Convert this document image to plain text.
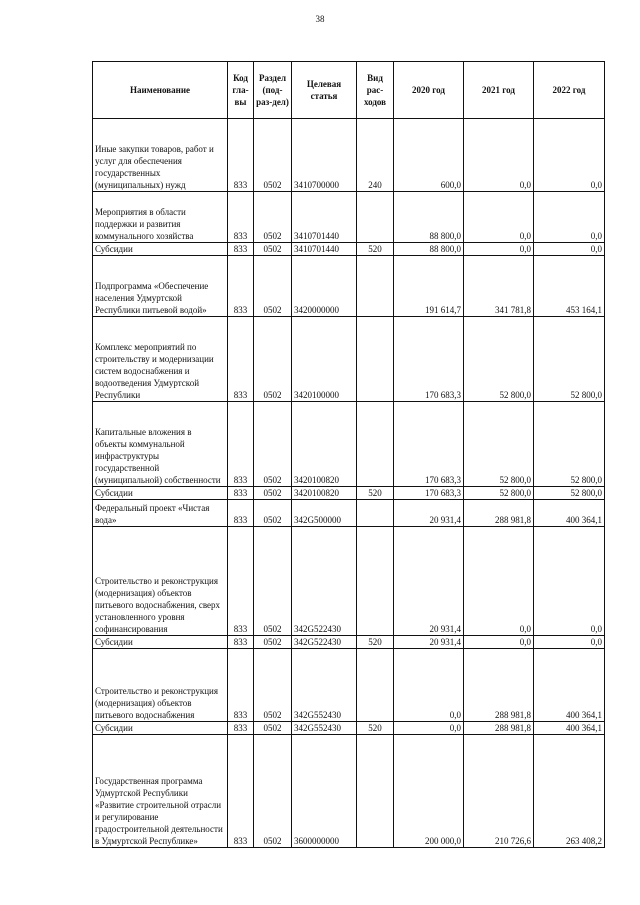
38
Наименование	Код гла-вы	Раздел (под-раз-дел)	Целевая статья	Вид рас-ходов	2020 год	2021 год	2022 год
Иные закупки товаров, работ и услуг для обеспечения государственных (муниципальных) нужд	833	0502	3410700000	240	600,0	0,0	0,0
Мероприятия в области поддержки и развития коммунального хозяйства	833	0502	3410701440		88 800,0	0,0	0,0
Субсидии	833	0502	3410701440	520	88 800,0	0,0	0,0
Подпрограмма «Обеспечение населения Удмуртской Республики питьевой водой»	833	0502	3420000000		191 614,7	341 781,8	453 164,1
Комплекс мероприятий по строительству и модернизации систем водоснабжения и водоотведения Удмуртской Республики	833	0502	3420100000		170 683,3	52 800,0	52 800,0
Капитальные вложения в объекты коммунальной инфраструктуры государственной (муниципальной) собственности	833	0502	3420100820		170 683,3	52 800,0	52 800,0
Субсидии	833	0502	3420100820	520	170 683,3	52 800,0	52 800,0
Федеральный проект «Чистая вода»	833	0502	342G500000		20 931,4	288 981,8	400 364,1
Строительство и реконструкция (модернизация) объектов питьевого водоснабжения, сверх установленного уровня софинансирования	833	0502	342G522430		20 931,4	0,0	0,0
Субсидии	833	0502	342G522430	520	20 931,4	0,0	0,0
Строительство и реконструкция (модернизация) объектов питьевого водоснабжения	833	0502	342G552430		0,0	288 981,8	400 364,1
Субсидии	833	0502	342G552430	520	0,0	288 981,8	400 364,1
Государственная программа Удмуртской Республики «Развитие строительной отрасли и регулирование градостроительной деятельности в Удмуртской Республике»	833	0502	3600000000		200 000,0	210 726,6	263 408,2
